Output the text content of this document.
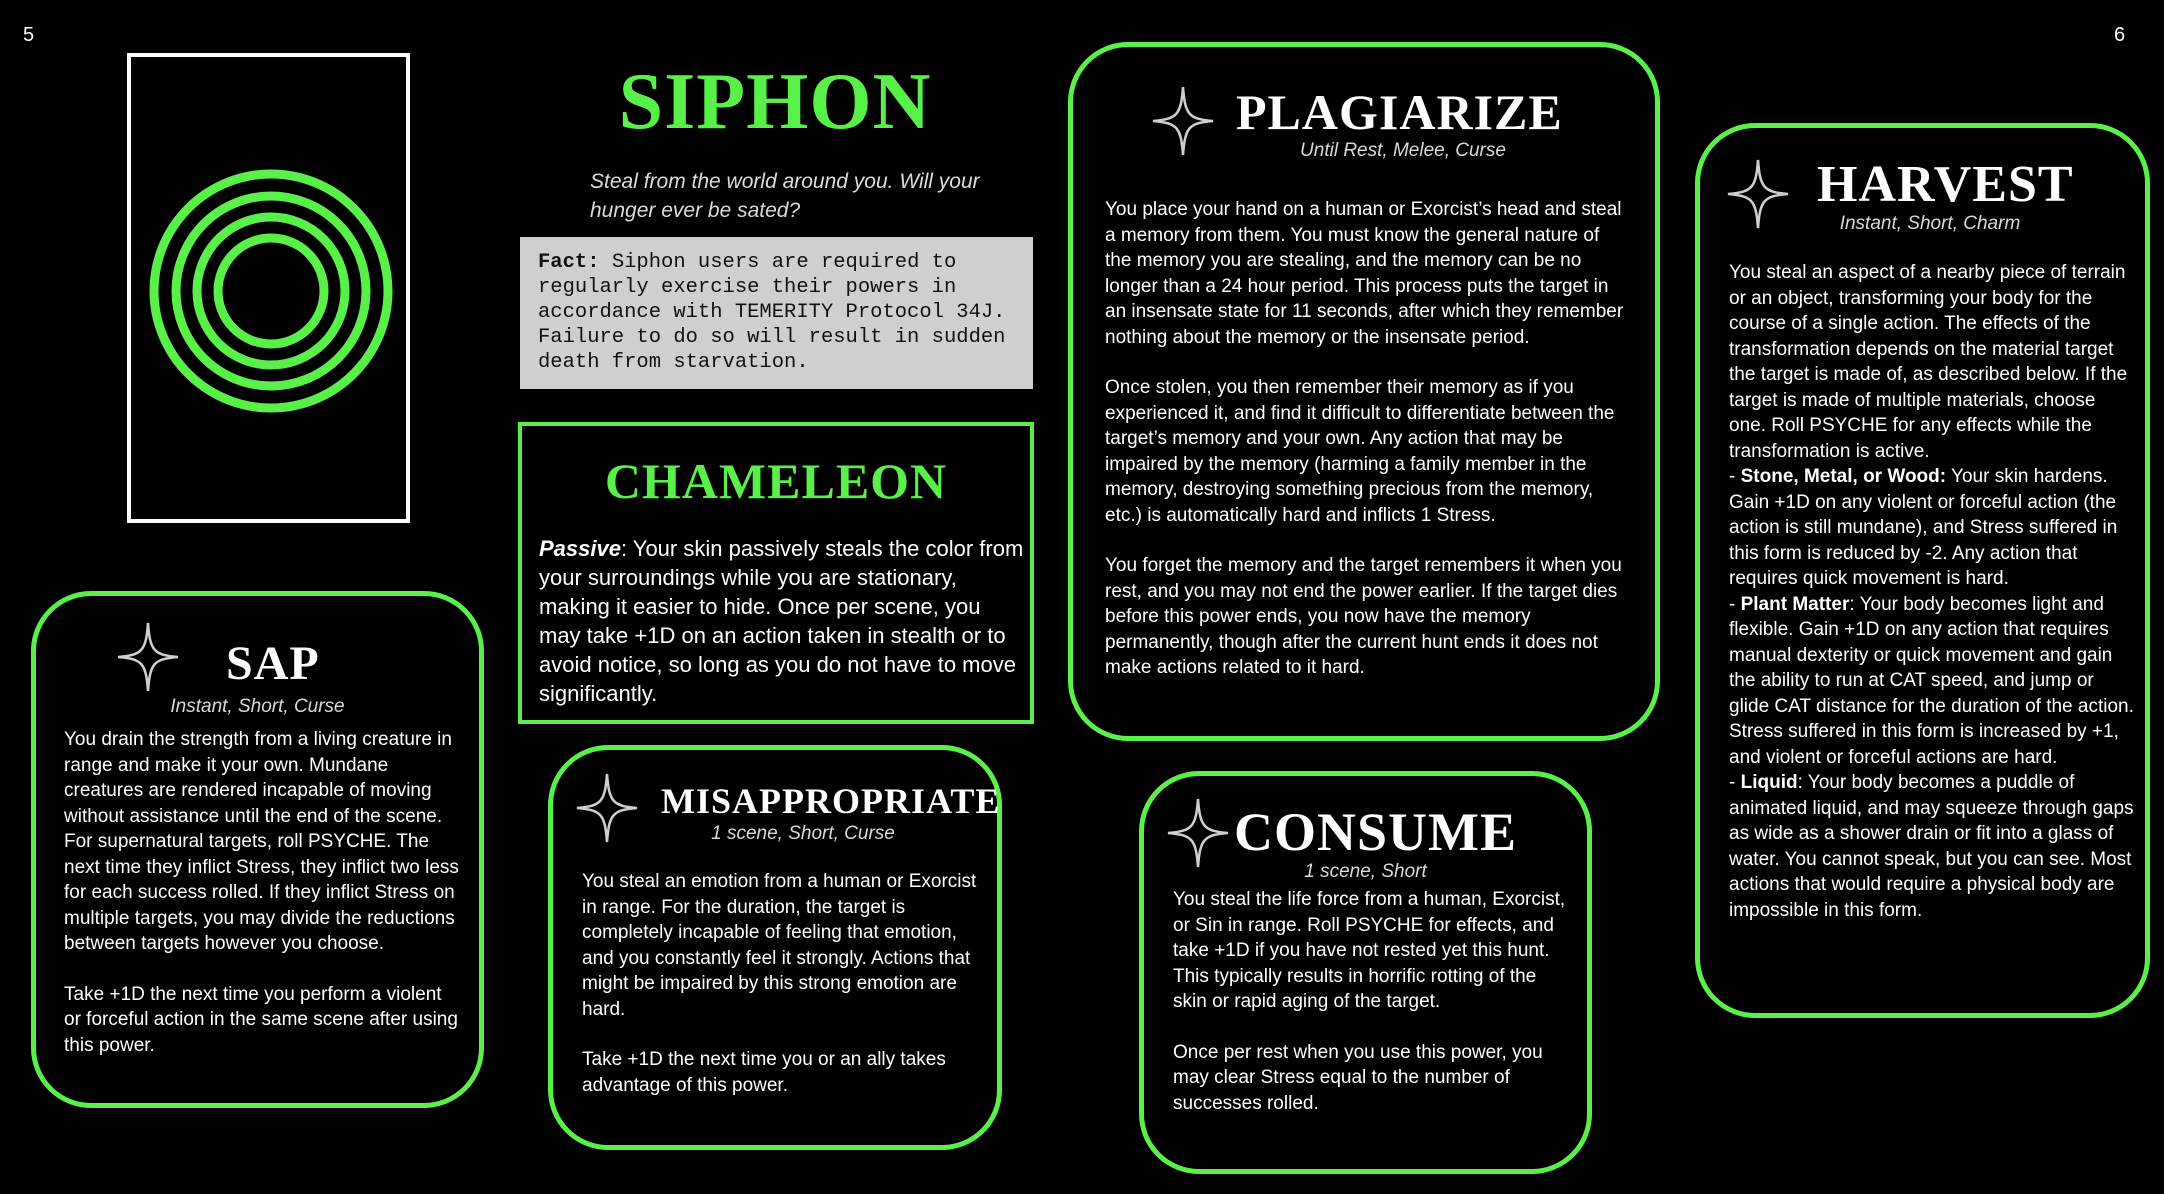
5	6
SIPHON
Steal from the world around you. Will your hunger ever be sated?
Fact: Siphon users are required to regularly exercise their powers in accordance with TEMERITY Protocol 34J. Failure to do so will result in sudden death from starvation.
CHAMELEON
Passive: Your skin passively steals the color from your surroundings while you are stationary, making it easier to hide. Once per scene, you may take +1D on an action taken in stealth or to avoid notice, so long as you do not have to move significantly.
SAP
Instant, Short, Curse

You drain the strength from a living creature in range and make it your own. Mundane creatures are rendered incapable of moving without assistance until the end of the scene. For supernatural targets, roll PSYCHE. The next time they inflict Stress, they inflict two less for each success rolled. If they inflict Stress on multiple targets, you may divide the reductions between targets however you choose.

Take +1D the next time you perform a violent or forceful action in the same scene after using this power.

MISAPPROPRIATE
1 scene, Short, Curse

You steal an emotion from a human or Exorcist in range. For the duration, the target is completely incapable of feeling that emotion, and you constantly feel it strongly. Actions that might be impaired by this strong emotion are hard.

Take +1D the next time you or an ally takes advantage of this power.

PLAGIARIZE
Until Rest, Melee, Curse

You place your hand on a human or Exorcist’s head and steal a memory from them. You must know the general nature of the memory you are stealing, and the memory can be no longer than a 24 hour period. This process puts the target in an insensate state for 11 seconds, after which they remember nothing about the memory or the insensate period.

Once stolen, you then remember their memory as if you experienced it, and find it difficult to differentiate between the target’s memory and your own. Any action that may be impaired by the memory (harming a family member in the memory, destroying something precious from the memory, etc.) is automatically hard and inflicts 1 Stress.

You forget the memory and the target remembers it when you rest, and you may not end the power earlier. If the target dies before this power ends, you now have the memory permanently, though after the current hunt ends it does not make actions related to it hard.

CONSUME
1 scene, Short

You steal the life force from a human, Exorcist, or Sin in range. Roll PSYCHE for effects, and take +1D if you have not rested yet this hunt. This typically results in horrific rotting of the skin or rapid aging of the target.

Once per rest when you use this power, you may clear Stress equal to the number of successes rolled.

HARVEST
Instant, Short, Charm
You steal an aspect of a nearby piece of terrain or an object, transforming your body for the course of a single action. The effects of the transformation depends on the material target the target is made of, as described below. If the target is made of multiple materials, choose one. Roll PSYCHE for any effects while the transformation is active.
- Stone, Metal, or Wood: Your skin hardens. Gain +1D on any violent or forceful action (the action is still mundane), and Stress suffered in this form is reduced by -2. Any action that requires quick movement is hard.
- Plant Matter: Your body becomes light and flexible. Gain +1D on any action that requires manual dexterity or quick movement and gain the ability to run at CAT speed, and jump or glide CAT distance for the duration of the action. Stress suffered in this form is increased by +1, and violent or forceful actions are hard.
- Liquid: Your body becomes a puddle of animated liquid, and may squeeze through gaps as wide as a shower drain or fit into a glass of water. You cannot speak, but you can see. Most actions that would require a physical body are impossible in this form.
